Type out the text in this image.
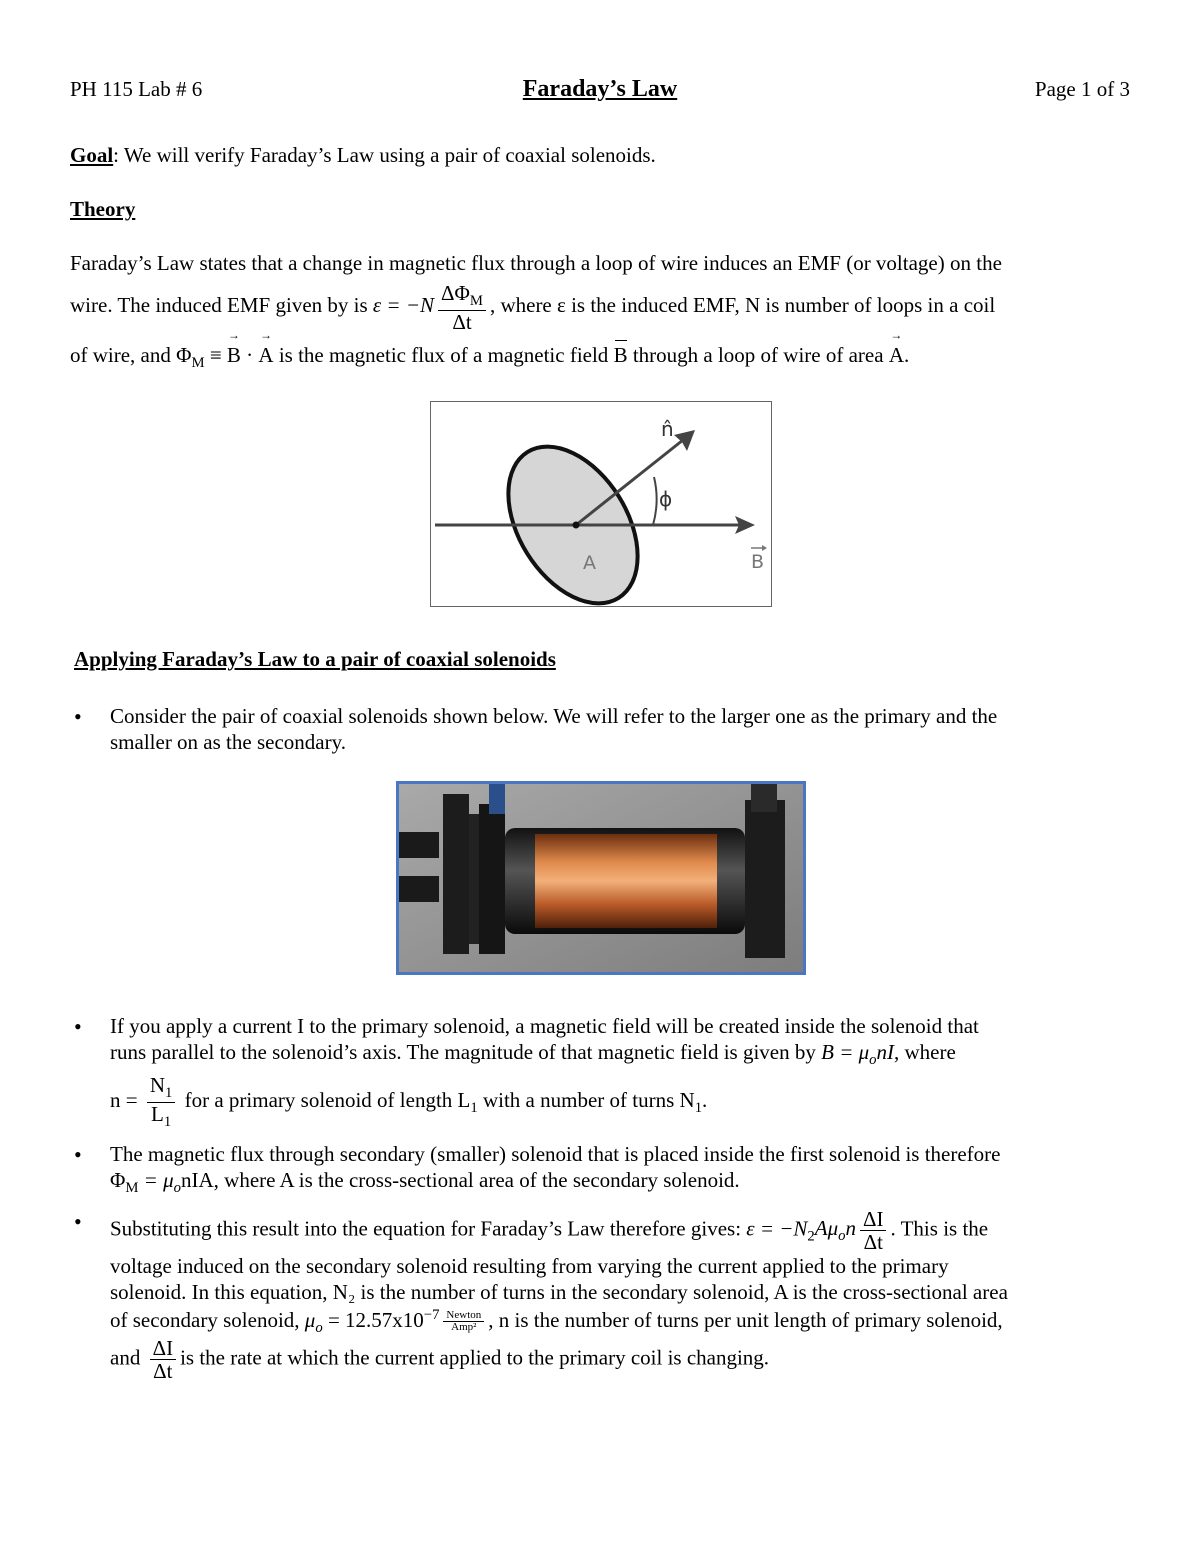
PH 115 Lab # 6	Faraday’s Law	Page 1 of 3
Goal: We will verify Faraday’s Law using a pair of coaxial solenoids.
Theory
Faraday’s Law states that a change in magnetic flux through a loop of wire induces an EMF (or voltage) on the
wire. The induced EMF given by is $\varepsilon = -N \frac{\Delta\Phi_M}{\Delta t}$ , where ε is the induced EMF, N is number of loops in a coil
of wire, and $\Phi_M$ ≡ → B · → A is the magnetic flux of a magnetic field B through a loop of wire of area → A.
n̂
ϕ
A	B
Applying Faraday’s Law to a pair of coaxial solenoids
• Consider the pair of coaxial solenoids shown below. We will refer to the larger one as the primary and the
smaller on as the secondary.
• If you apply a current I to the primary solenoid, a magnetic field will be created inside the solenoid that
runs parallel to the solenoid’s axis. The magnitude of that magnetic field is given by $B = \mu_onI$, where
$n = \frac{N_1}{L_1}$ for a primary solenoid of length $L_1$ with a number of turns $N_1$.
• The magnetic flux through secondary (smaller) solenoid that is placed inside the first solenoid is therefore
$\Phi_M = \mu_onIA$, where A is the cross-sectional area of the secondary solenoid.
• Substituting this result into the equation for Faraday’s Law therefore gives: $\varepsilon = -N_2A\mu_on \frac{\Delta I}{\Delta t}$ . This is the
voltage induced on the secondary solenoid resulting from varying the current applied to the primary
solenoid. In this equation, N₂ is the number of turns in the secondary solenoid, A is the cross-sectional area
of secondary solenoid, $\mu_o = 12.57x10^{-7} \frac{\text{Newton}}{\text{Amp²}}$ , n is the number of turns per unit length of primary solenoid,
and $\frac{\Delta I}{\Delta t}$ is the rate at which the current applied to the primary coil is changing.
